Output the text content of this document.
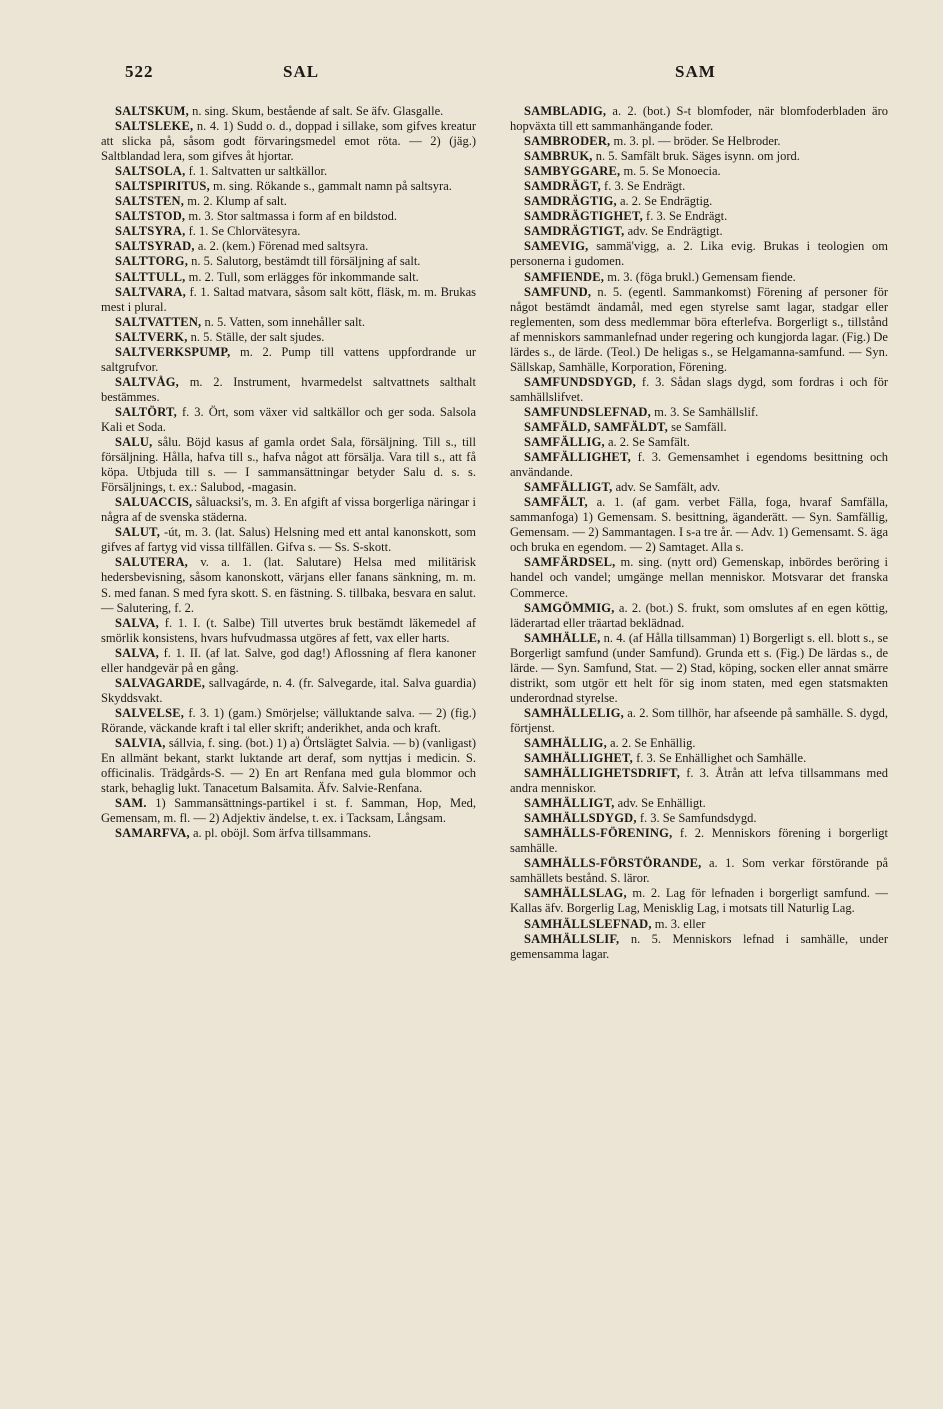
522	SAL	SAM

SALTSKUM, n. sing. Skum, bestående af salt. Se äfv. Glasgalle.

SALTSLEKE, n. 4. 1) Sudd o. d., doppad i sillake, som gifves kreatur att slicka på, såsom godt förvaringsmedel emot röta. — 2) (jäg.) Saltblandad lera, som gifves åt hjortar.

SALTSOLA, f. 1. Saltvatten ur saltkällor.

SALTSPIRITUS, m. sing. Rökande s., gammalt namn på saltsyra.

SALTSTEN, m. 2. Klump af salt.

SALTSTOD, m. 3. Stor saltmassa i form af en bildstod.

SALTSYRA, f. 1. Se Chlorvätesyra.

SALTSYRAD, a. 2. (kem.) Förenad med saltsyra.

SALTTORG, n. 5. Salutorg, bestämdt till försäljning af salt.

SALTTULL, m. 2. Tull, som erlägges för inkommande salt.

SALTVARA, f. 1. Saltad matvara, såsom salt kött, fläsk, m. m. Brukas mest i plural.

SALTVATTEN, n. 5. Vatten, som innehåller salt.

SALTVERK, n. 5. Ställe, der salt sjudes.

SALTVERKSPUMP, m. 2. Pump till vattens uppfordrande ur saltgrufvor.

SALTVÅG, m. 2. Instrument, hvarmedelst saltvattnets salthalt bestämmes.

SALTÖRT, f. 3. Ört, som växer vid saltkällor och ger soda. Salsola Kali et Soda.

SALU, sålu. Böjd kasus af gamla ordet Sala, försäljning. Till s., till försäljning. Hålla, hafva till s., hafva något att försälja. Vara till s., att få köpa. Utbjuda till s. — I sammansättningar betyder Salu d. s. s. Försäljnings, t. ex.: Salubod, -magasin.

SALUACCIS, såluacksi's, m. 3. En afgift af vissa borgerliga näringar i några af de svenska städerna.

SALUT, -út, m. 3. (lat. Salus) Helsning med ett antal kanonskott, som gifves af fartyg vid vissa tillfällen. Gifva s. — Ss. S-skott.

SALUTERA, v. a. 1. (lat. Salutare) Helsa med militärisk hedersbevisning, såsom kanonskott, värjans eller fanans sänkning, m. m. S. med fanan. S med fyra skott. S. en fästning. S. tillbaka, besvara en salut. — Salutering, f. 2.

SALVA, f. 1. I. (t. Salbe) Till utvertes bruk bestämdt läkemedel af smörlik konsistens, hvars hufvudmassa utgöres af fett, vax eller harts.

SALVA, f. 1. II. (af lat. Salve, god dag!) Aflossning af flera kanoner eller handgevär på en gång.

SALVAGARDE, sallvagárde, n. 4. (fr. Salvegarde, ital. Salva guardia) Skyddsvakt.

SALVELSE, f. 3. 1) (gam.) Smörjelse; välluktande salva. — 2) (fig.) Rörande, väckande kraft i tal eller skrift; anderikhet, anda och kraft.

SALVIA, sállvia, f. sing. (bot.) 1) a) Örtslägtet Salvia. — b) (vanligast) En allmänt bekant, starkt luktande art deraf, som nyttjas i medicin. S. officinalis. Trädgårds-S. — 2) En art Renfana med gula blommor och stark, behaglig lukt. Tanacetum Balsamita. Äfv. Salvie-Renfana.

SAM. 1) Sammansättnings-partikel i st. f. Samman, Hop, Med, Gemensam, m. fl. — 2) Adjektiv ändelse, t. ex. i Tacksam, Långsam.

SAMARFVA, a. pl. oböjl. Som ärfva tillsammans.

SAMBLADIG, a. 2. (bot.) S-t blomfoder, när blomfoderbladen äro hopväxta till ett sammanhängande foder.

SAMBRODER, m. 3. pl. — bröder. Se Helbroder.

SAMBRUK, n. 5. Samfält bruk. Säges isynn. om jord.

SAMBYGGARE, m. 5. Se Monoecia.

SAMDRÄGT, f. 3. Se Endrägt.

SAMDRÄGTIG, a. 2. Se Endrägtig.

SAMDRÄGTIGHET, f. 3. Se Endrägt.

SAMDRÄGTIGT, adv. Se Endrägtigt.

SAMEVIG, sammä'vigg, a. 2. Lika evig. Brukas i teologien om personerna i gudomen.

SAMFIENDE, m. 3. (föga brukl.) Gemensam fiende.

SAMFUND, n. 5. (egentl. Sammankomst) Förening af personer för något bestämdt ändamål, med egen styrelse samt lagar, stadgar eller reglementen, som dess medlemmar böra efterlefva. Borgerligt s., tillstånd af menniskors sammanlefnad under regering och kungjorda lagar. (Fig.) De lärdes s., de lärde. (Teol.) De heligas s., se Helgamanna-samfund. — Syn. Sällskap, Samhälle, Korporation, Förening.

SAMFUNDSDYGD, f. 3. Sådan slags dygd, som fordras i och för samhällslifvet.

SAMFUNDSLEFNAD, m. 3. Se Samhällslif.

SAMFÄLD, SAMFÄLDT, se Samfäll.

SAMFÄLLIG, a. 2. Se Samfält.

SAMFÄLLIGHET, f. 3. Gemensamhet i egendoms besittning och användande.

SAMFÄLLIGT, adv. Se Samfält, adv.

SAMFÄLT, a. 1. (af gam. verbet Fälla, foga, hvaraf Samfälla, sammanfoga) 1) Gemensam. S. besittning, äganderätt. — Syn. Samfällig, Gemensam. — 2) Sammantagen. I s-a tre år. — Adv. 1) Gemensamt. S. äga och bruka en egendom. — 2) Samtaget. Alla s.

SAMFÄRDSEL, m. sing. (nytt ord) Gemenskap, inbördes beröring i handel och vandel; umgänge mellan menniskor. Motsvarar det franska Commerce.

SAMGÖMMIG, a. 2. (bot.) S. frukt, som omslutes af en egen köttig, läderartad eller träartad beklädnad.

SAMHÄLLE, n. 4. (af Hålla tillsamman) 1) Borgerligt s. ell. blott s., se Borgerligt samfund (under Samfund). Grunda ett s. (Fig.) De lärdas s., de lärde. — Syn. Samfund, Stat. — 2) Stad, köping, socken eller annat smärre distrikt, som utgör ett helt för sig inom staten, med egen statsmakten underordnad styrelse.

SAMHÄLLELIG, a. 2. Som tillhör, har afseende på samhälle. S. dygd, förtjenst.

SAMHÄLLIG, a. 2. Se Enhällig.

SAMHÄLLIGHET, f. 3. Se Enhällighet och Samhälle.

SAMHÄLLIGHETSDRIFT, f. 3. Åtrån att lefva tillsammans med andra menniskor.

SAMHÄLLIGT, adv. Se Enhälligt.

SAMHÄLLSDYGD, f. 3. Se Samfundsdygd.

SAMHÄLLS-FÖRENING, f. 2. Menniskors förening i borgerligt samhälle.

SAMHÄLLS-FÖRSTÖRANDE, a. 1. Som verkar förstörande på samhällets bestånd. S. läror.

SAMHÄLLSLAG, m. 2. Lag för lefnaden i borgerligt samfund. — Kallas äfv. Borgerlig Lag, Menisklig Lag, i motsats till Naturlig Lag.

SAMHÄLLSLEFNAD, m. 3. eller

SAMHÄLLSLIF, n. 5. Menniskors lefnad i samhälle, under gemensamma lagar.
